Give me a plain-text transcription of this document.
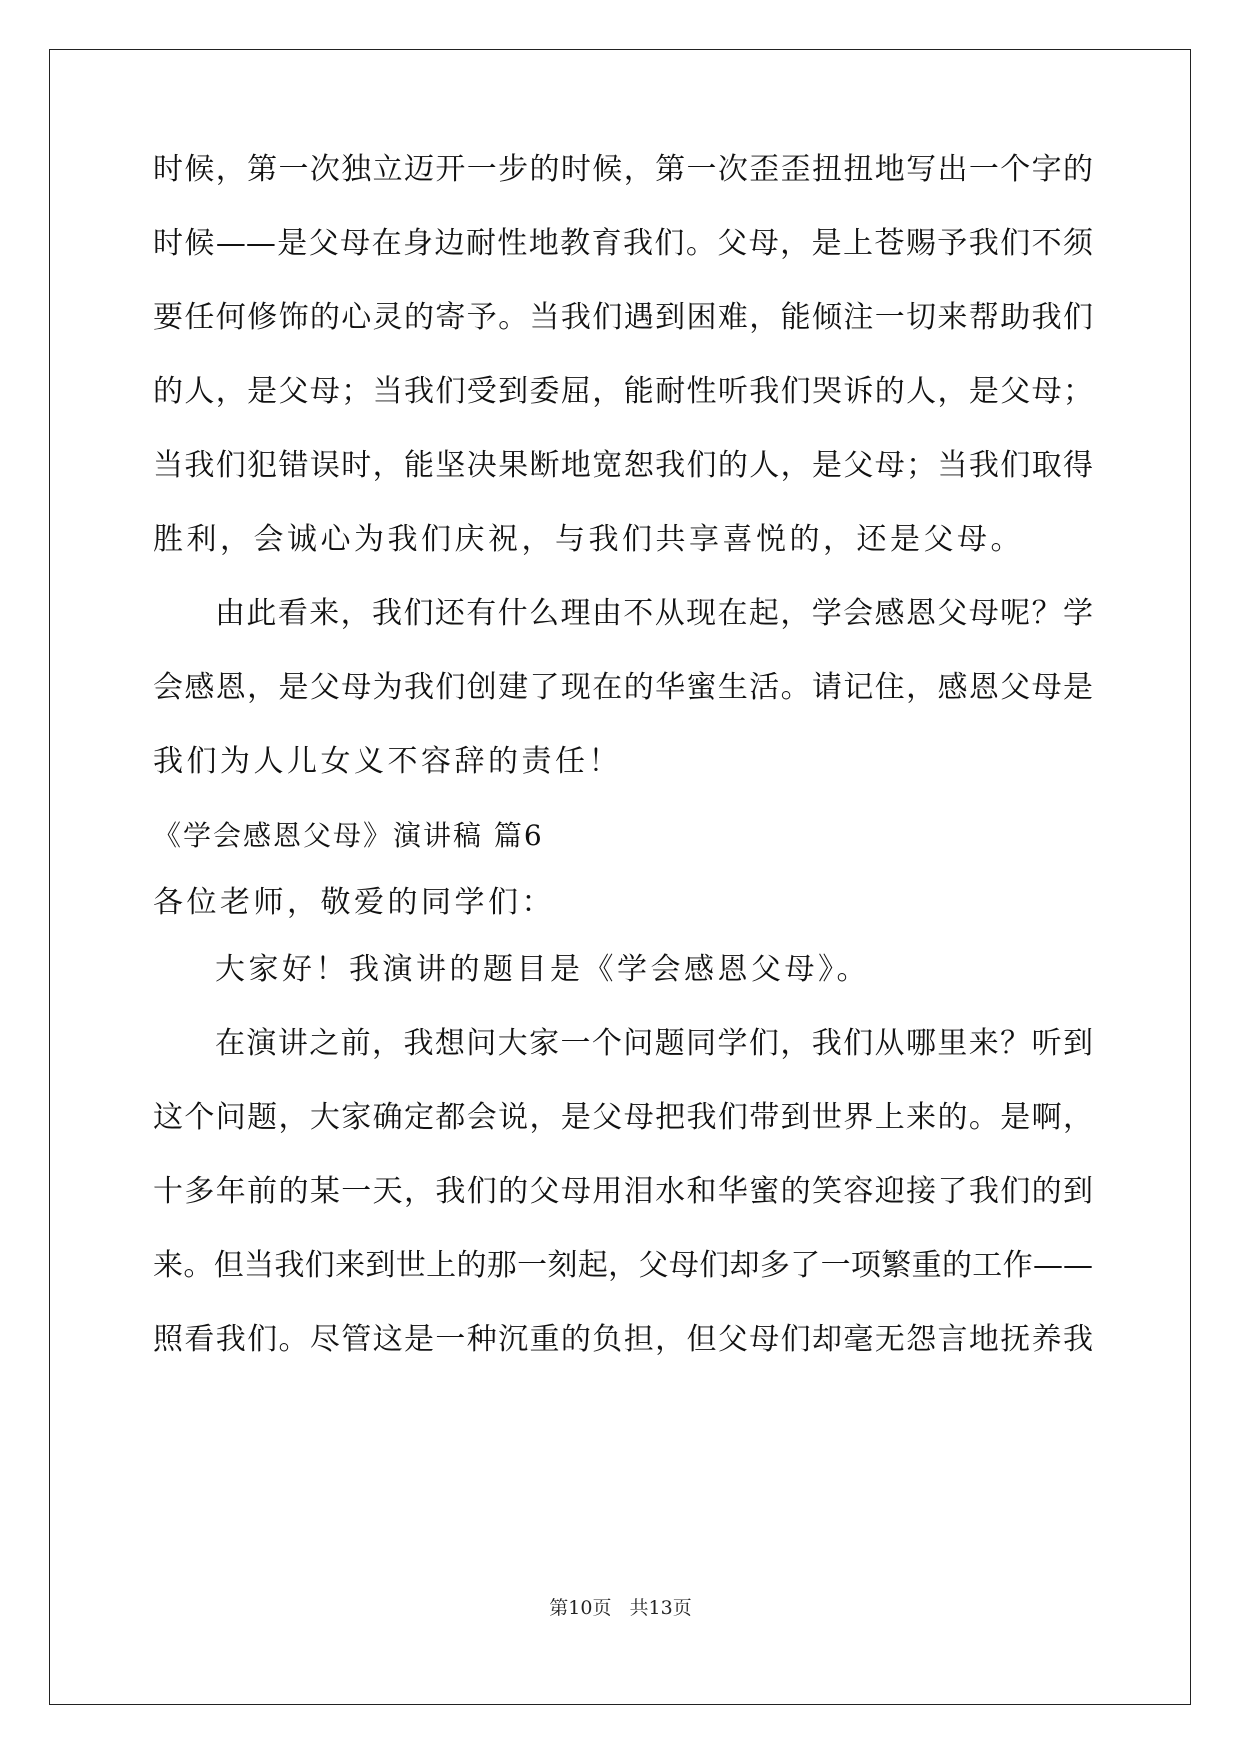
时候，第一次独立迈开一步的时候，第一次歪歪扭扭地写出一个字的
时候——是父母在身边耐性地教育我们。父母，是上苍赐予我们不须
要任何修饰的心灵的寄予。当我们遇到困难，能倾注一切来帮助我们
的人，是父母；当我们受到委屈，能耐性听我们哭诉的人，是父母；
当我们犯错误时，能坚决果断地宽恕我们的人，是父母；当我们取得
胜利，会诚心为我们庆祝，与我们共享喜悦的，还是父母。
由此看来，我们还有什么理由不从现在起，学会感恩父母呢？学
会感恩，是父母为我们创建了现在的华蜜生活。请记住，感恩父母是
我们为人儿女义不容辞的责任！
《学会感恩父母》演讲稿 篇6
各位老师，敬爱的同学们：
大家好！我演讲的题目是《学会感恩父母》。
在演讲之前，我想问大家一个问题同学们，我们从哪里来？听到
这个问题，大家确定都会说，是父母把我们带到世界上来的。是啊，
十多年前的某一天，我们的父母用泪水和华蜜的笑容迎接了我们的到
来。但当我们来到世上的那一刻起，父母们却多了一项繁重的工作——
照看我们。尽管这是一种沉重的负担，但父母们却毫无怨言地抚养我
第10页 共13页
